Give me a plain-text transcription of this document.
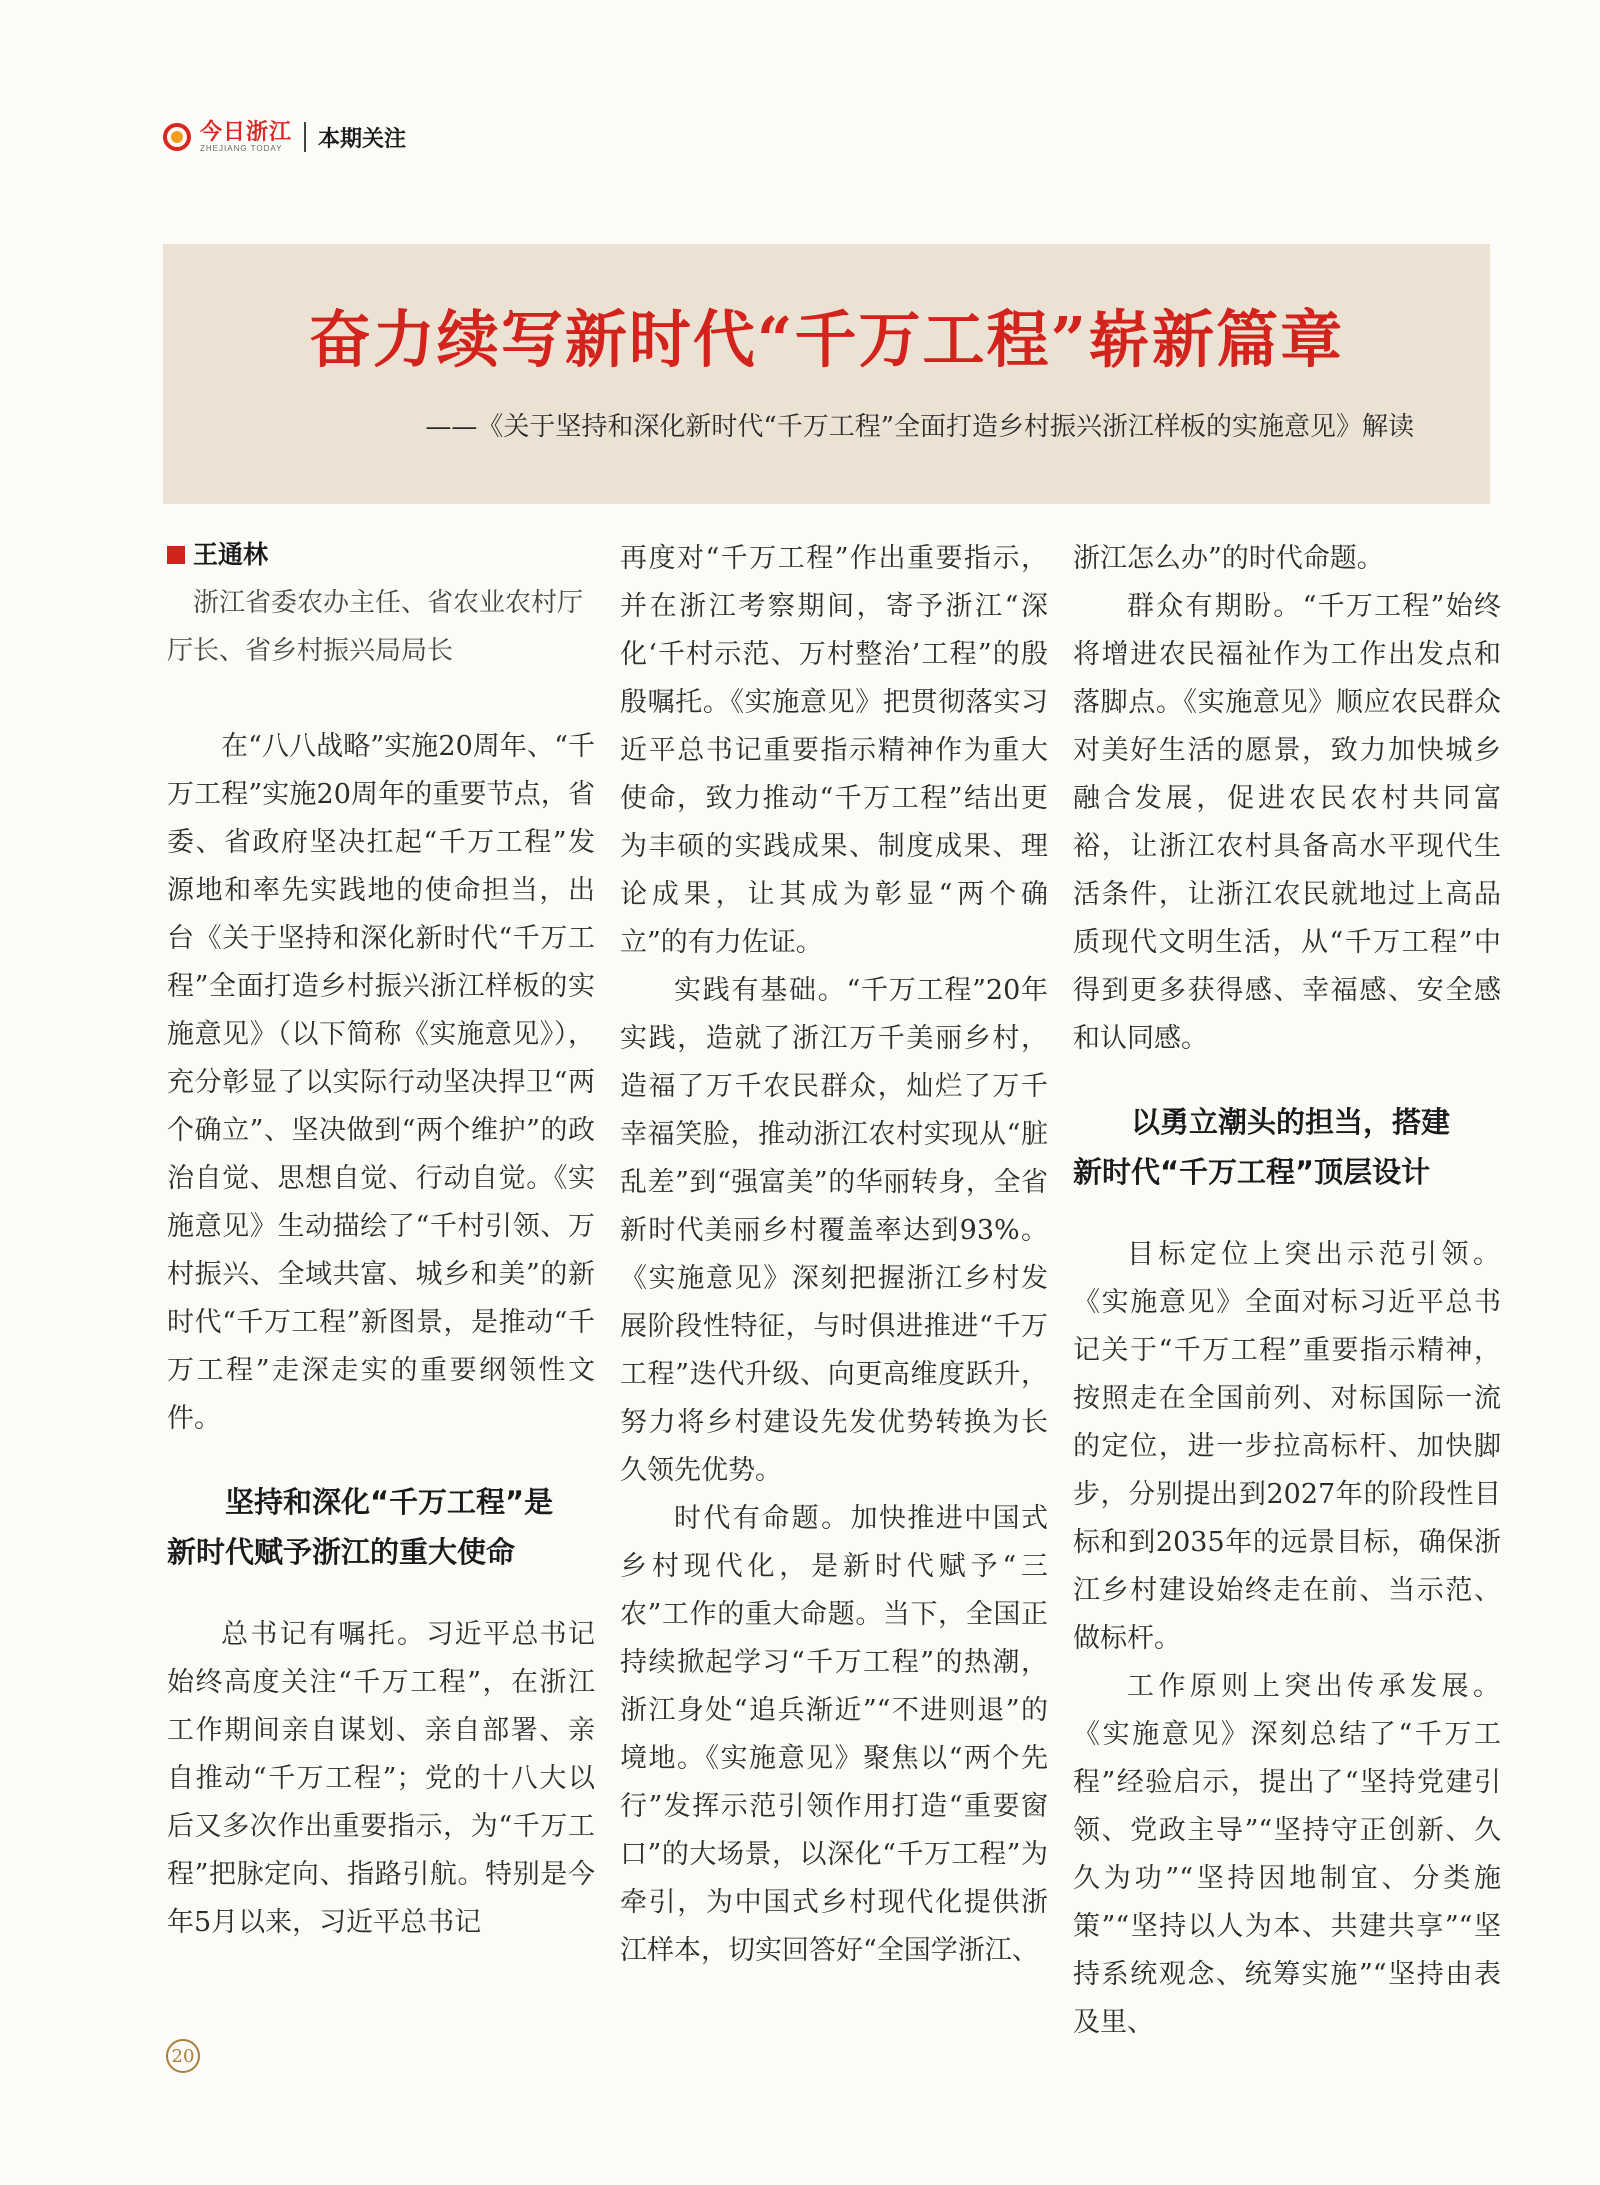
今日浙江
ZHEJIANG TODAY	本期关注
奋力续写新时代“千万工程”崭新篇章
——《关于坚持和深化新时代“千万工程”全面打造乡村振兴浙江样板的实施意见》解读
王通林
浙江省委农办主任、省农业农村厅厅长、省乡村振兴局局长

在“八八战略”实施20周年、“千万工程”实施20周年的重要节点，省委、省政府坚决扛起“千万工程”发源地和率先实践地的使命担当，出台《关于坚持和深化新时代“千万工程”全面打造乡村振兴浙江样板的实施意见》（以下简称《实施意见》），充分彰显了以实际行动坚决捍卫“两个确立”、坚决做到“两个维护”的政治自觉、思想自觉、行动自觉。《实施意见》生动描绘了“千村引领、万村振兴、全域共富、城乡和美”的新时代“千万工程”新图景，是推动“千万工程”走深走实的重要纲领性文件。

坚持和深化“千万工程”是
新时代赋予浙江的重大使命

总书记有嘱托。习近平总书记始终高度关注“千万工程”，在浙江工作期间亲自谋划、亲自部署、亲自推动“千万工程”；党的十八大以后又多次作出重要指示，为“千万工程”把脉定向、指路引航。特别是今年5月以来，习近平总书记

再度对“千万工程”作出重要指示，并在浙江考察期间，寄予浙江“深化‘千村示范、万村整治’工程”的殷殷嘱托。《实施意见》把贯彻落实习近平总书记重要指示精神作为重大使命，致力推动“千万工程”结出更为丰硕的实践成果、制度成果、理论成果，让其成为彰显“两个确立”的有力佐证。

实践有基础。“千万工程”20年实践，造就了浙江万千美丽乡村，造福了万千农民群众，灿烂了万千幸福笑脸，推动浙江农村实现从“脏乱差”到“强富美”的华丽转身，全省新时代美丽乡村覆盖率达到93%。《实施意见》深刻把握浙江乡村发展阶段性特征，与时俱进推进“千万工程”迭代升级、向更高维度跃升，努力将乡村建设先发优势转换为长久领先优势。

时代有命题。加快推进中国式乡村现代化，是新时代赋予“三农”工作的重大命题。当下，全国正持续掀起学习“千万工程”的热潮，浙江身处“追兵渐近”“不进则退”的境地。《实施意见》聚焦以“两个先行”发挥示范引领作用打造“重要窗口”的大场景，以深化“千万工程”为牵引，为中国式乡村现代化提供浙江样本，切实回答好“全国学浙江、

浙江怎么办”的时代命题。

群众有期盼。“千万工程”始终将增进农民福祉作为工作出发点和落脚点。《实施意见》顺应农民群众对美好生活的愿景，致力加快城乡融合发展，促进农民农村共同富裕，让浙江农村具备高水平现代生活条件，让浙江农民就地过上高品质现代文明生活，从“千万工程”中得到更多获得感、幸福感、安全感和认同感。

以勇立潮头的担当，搭建
新时代“千万工程”顶层设计

目标定位上突出示范引领。《实施意见》全面对标习近平总书记关于“千万工程”重要指示精神，按照走在全国前列、对标国际一流的定位，进一步拉高标杆、加快脚步，分别提出到2027年的阶段性目标和到2035年的远景目标，确保浙江乡村建设始终走在前、当示范、做标杆。

工作原则上突出传承发展。《实施意见》深刻总结了“千万工程”经验启示，提出了“坚持党建引领、党政主导”“坚持守正创新、久久为功”“坚持因地制宜、分类施策”“坚持以人为本、共建共享”“坚持系统观念、统筹实施”“坚持由表及里、

20
